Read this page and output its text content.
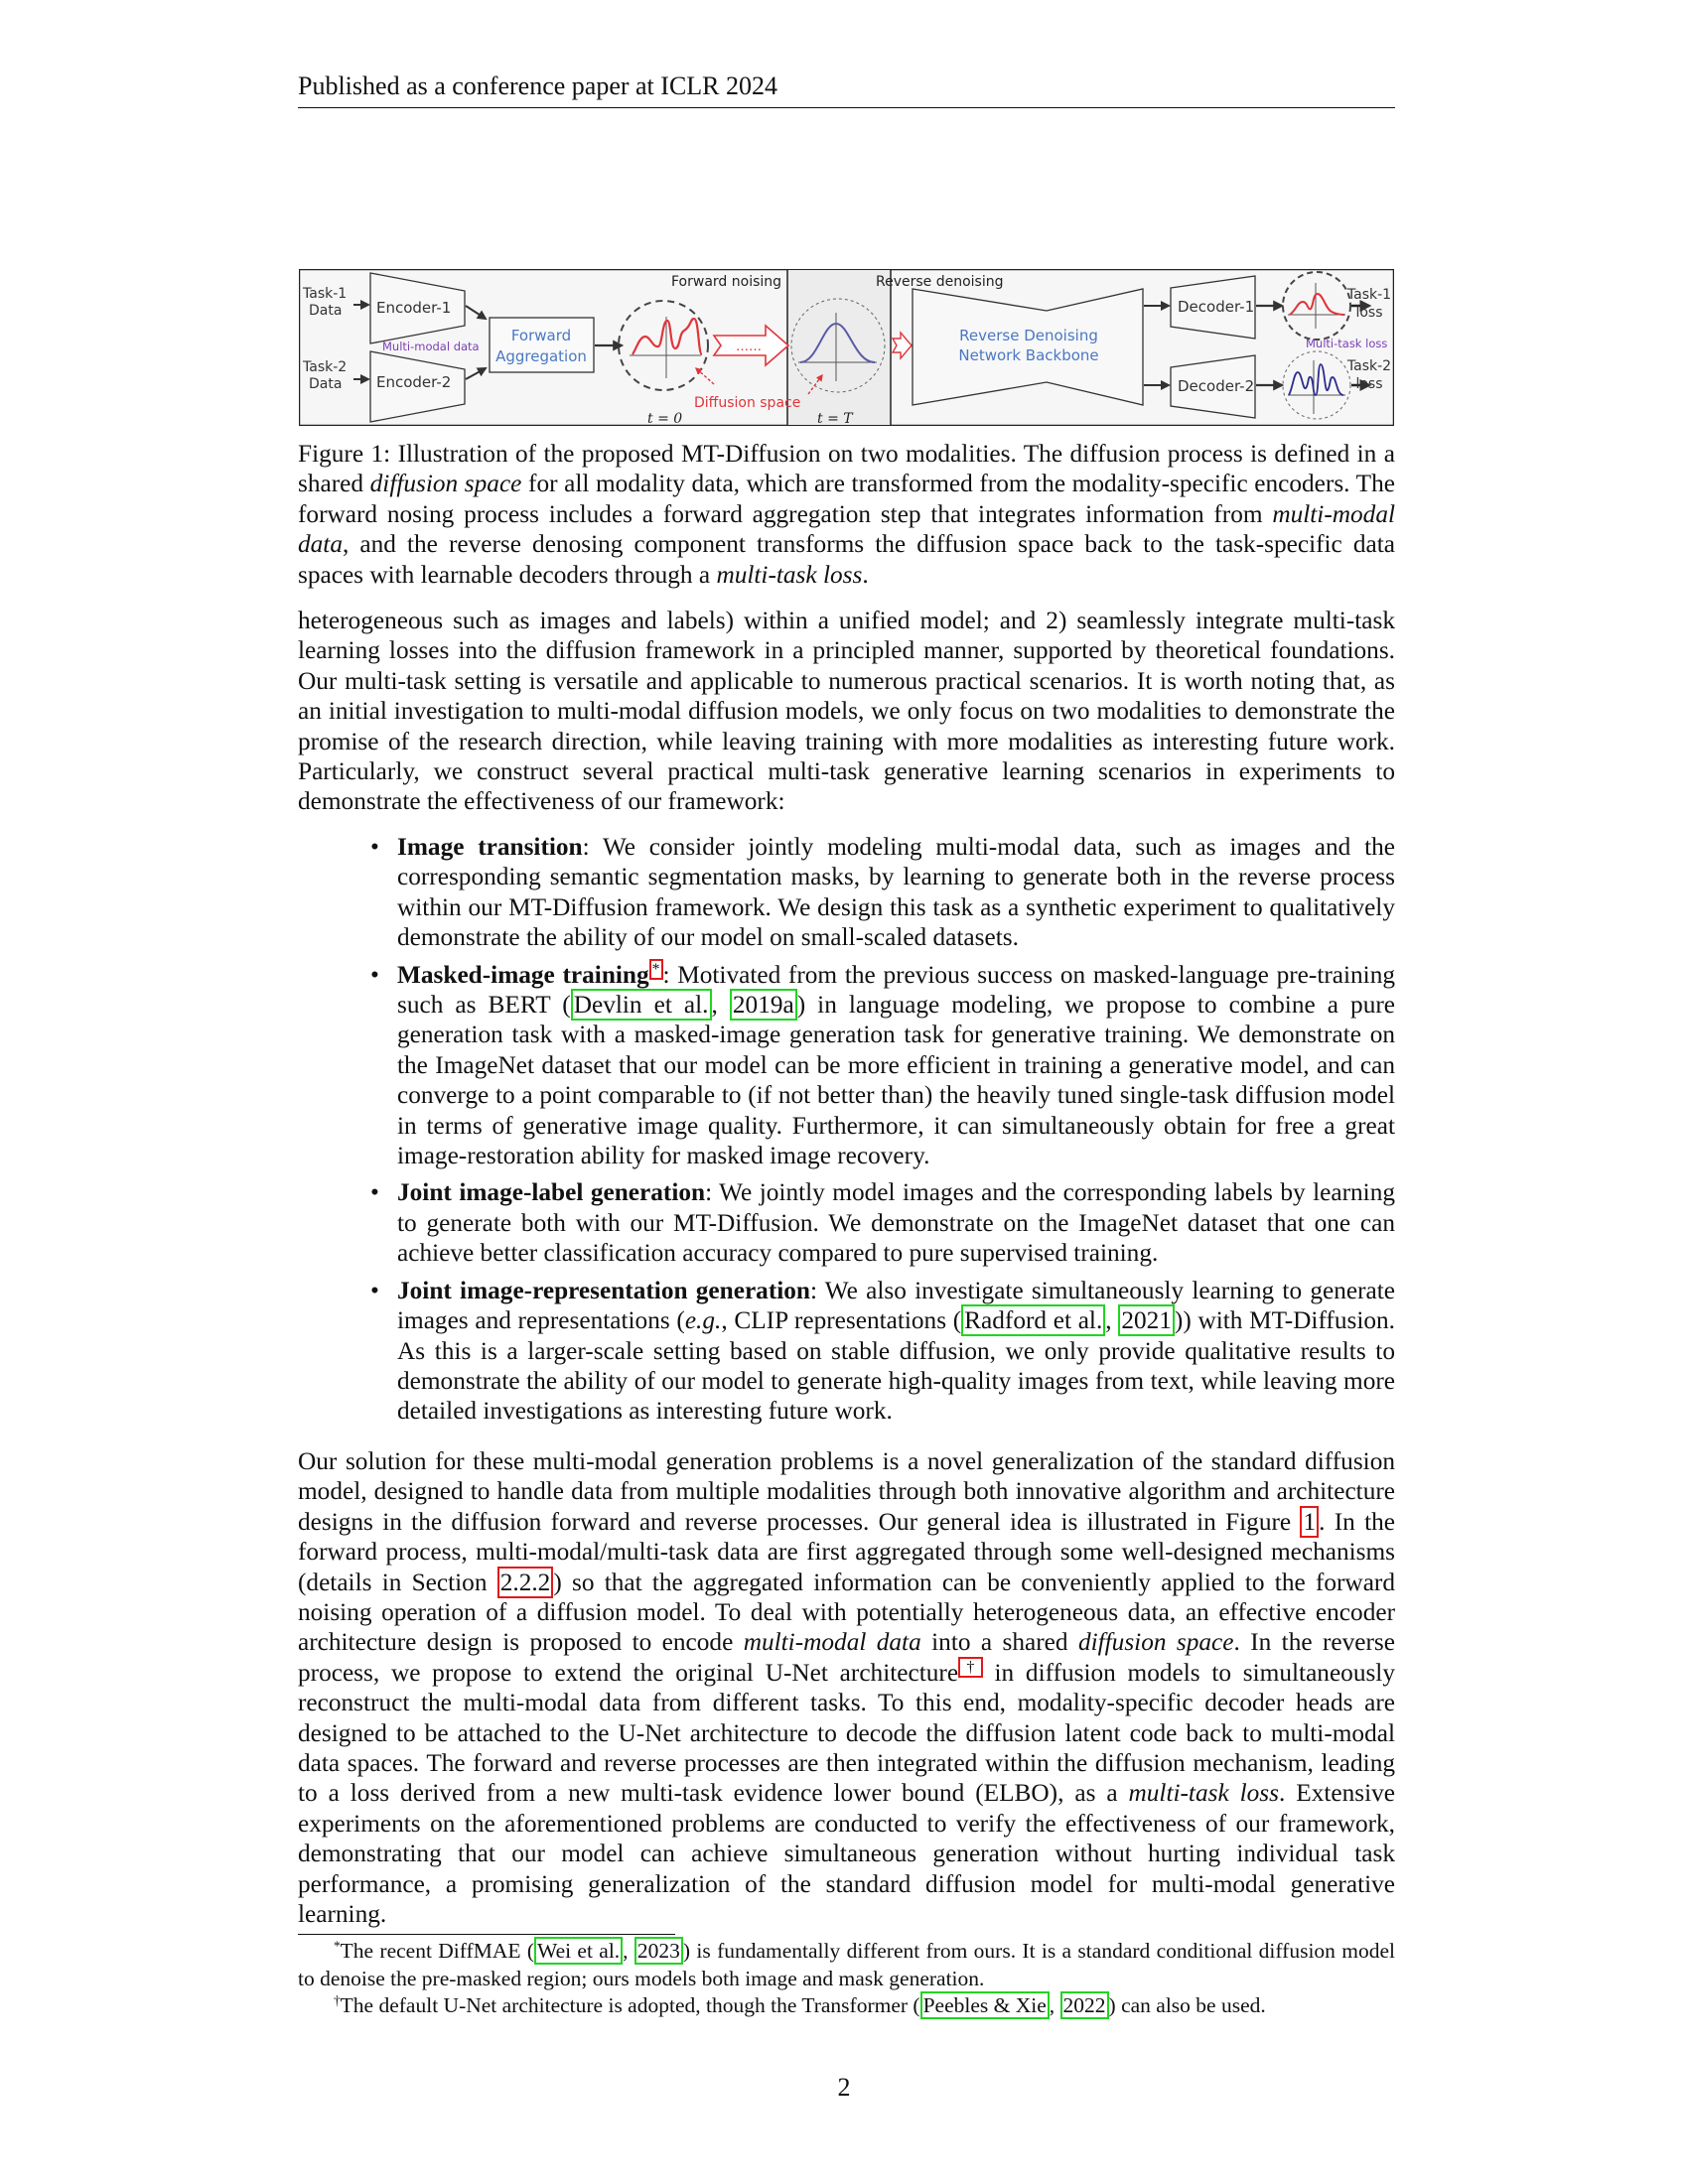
Published as a conference paper at ICLR 2024
Task-1
Data
Task-2
Data
Encoder-1
Encoder-2
Multi-modal data
Forward
Aggregation
Forward noising
……
Diffusion space
t = 0	t = T
Reverse denoising
Reverse Denoising
Network Backbone
Decoder-1
Decoder-2
Multi-task loss
Task-1
loss
Task-2
loss
Figure 1: Illustration of the proposed MT-Diffusion on two modalities. The diffusion process is defined in a shared diffusion space for all modality data, which are transformed from the modality-specific encoders. The forward nosing process includes a forward aggregation step that integrates information from multi-modal data, and the reverse denosing component transforms the diffusion space back to the task-specific data spaces with learnable decoders through a multi-task loss.
heterogeneous such as images and labels) within a unified model; and 2) seamlessly integrate multi-task learning losses into the diffusion framework in a principled manner, supported by theoretical foundations. Our multi-task setting is versatile and applicable to numerous practical scenarios. It is worth noting that, as an initial investigation to multi-modal diffusion models, we only focus on two modalities to demonstrate the promise of the research direction, while leaving training with more modalities as interesting future work. Particularly, we construct several practical multi-task generative learning scenarios in experiments to demonstrate the effectiveness of our framework:
• Image transition: We consider jointly modeling multi-modal data, such as images and the corresponding semantic segmentation masks, by learning to generate both in the reverse process within our MT-Diffusion framework. We design this task as a synthetic experiment to qualitatively demonstrate the ability of our model on small-scaled datasets.
• Masked-image training * : Motivated from the previous success on masked-language pre-training such as BERT ( Devlin et al. , 2019a ) in language modeling, we propose to combine a pure generation task with a masked-image generation task for generative training. We demonstrate on the ImageNet dataset that our model can be more efficient in training a generative model, and can converge to a point comparable to (if not better than) the heavily tuned single-task diffusion model in terms of generative image quality. Furthermore, it can simultaneously obtain for free a great image-restoration ability for masked image recovery.
• Joint image-label generation: We jointly model images and the corresponding labels by learning to generate both with our MT-Diffusion. We demonstrate on the ImageNet dataset that one can achieve better classification accuracy compared to pure supervised training.
• Joint image-representation generation: We also investigate simultaneously learning to generate images and representations (e.g., CLIP representations ( Radford et al. , 2021 )) with MT-Diffusion. As this is a larger-scale setting based on stable diffusion, we only provide qualitative results to demonstrate the ability of our model to generate high-quality images from text, while leaving more detailed investigations as interesting future work.
Our solution for these multi-modal generation problems is a novel generalization of the standard diffusion model, designed to handle data from multiple modalities through both innovative algorithm and architecture designs in the diffusion forward and reverse processes. Our general idea is illustrated in Figure 1 . In the forward process, multi-modal/multi-task data are first aggregated through some well-designed mechanisms (details in Section 2.2.2 ) so that the aggregated information can be conveniently applied to the forward noising operation of a diffusion model. To deal with potentially heterogeneous data, an effective encoder architecture design is proposed to encode multi-modal data into a shared diffusion space. In the reverse process, we propose to extend the original U-Net architecture † in diffusion models to simultaneously reconstruct the multi-modal data from different tasks. To this end, modality-specific decoder heads are designed to be attached to the U-Net architecture to decode the diffusion latent code back to multi-modal data spaces. The forward and reverse processes are then integrated within the diffusion mechanism, leading to a loss derived from a new multi-task evidence lower bound (ELBO), as a multi-task loss. Extensive experiments on the aforementioned problems are conducted to verify the effectiveness of our framework, demonstrating that our model can achieve simultaneous generation without hurting individual task performance, a promising generalization of the standard diffusion model for multi-modal generative learning.

*The recent DiffMAE ( Wei et al. , 2023 ) is fundamentally different from ours. It is a standard conditional diffusion model to denoise the pre-masked region; ours models both image and mask generation.

†The default U-Net architecture is adopted, though the Transformer ( Peebles & Xie , 2022 ) can also be used.

2
